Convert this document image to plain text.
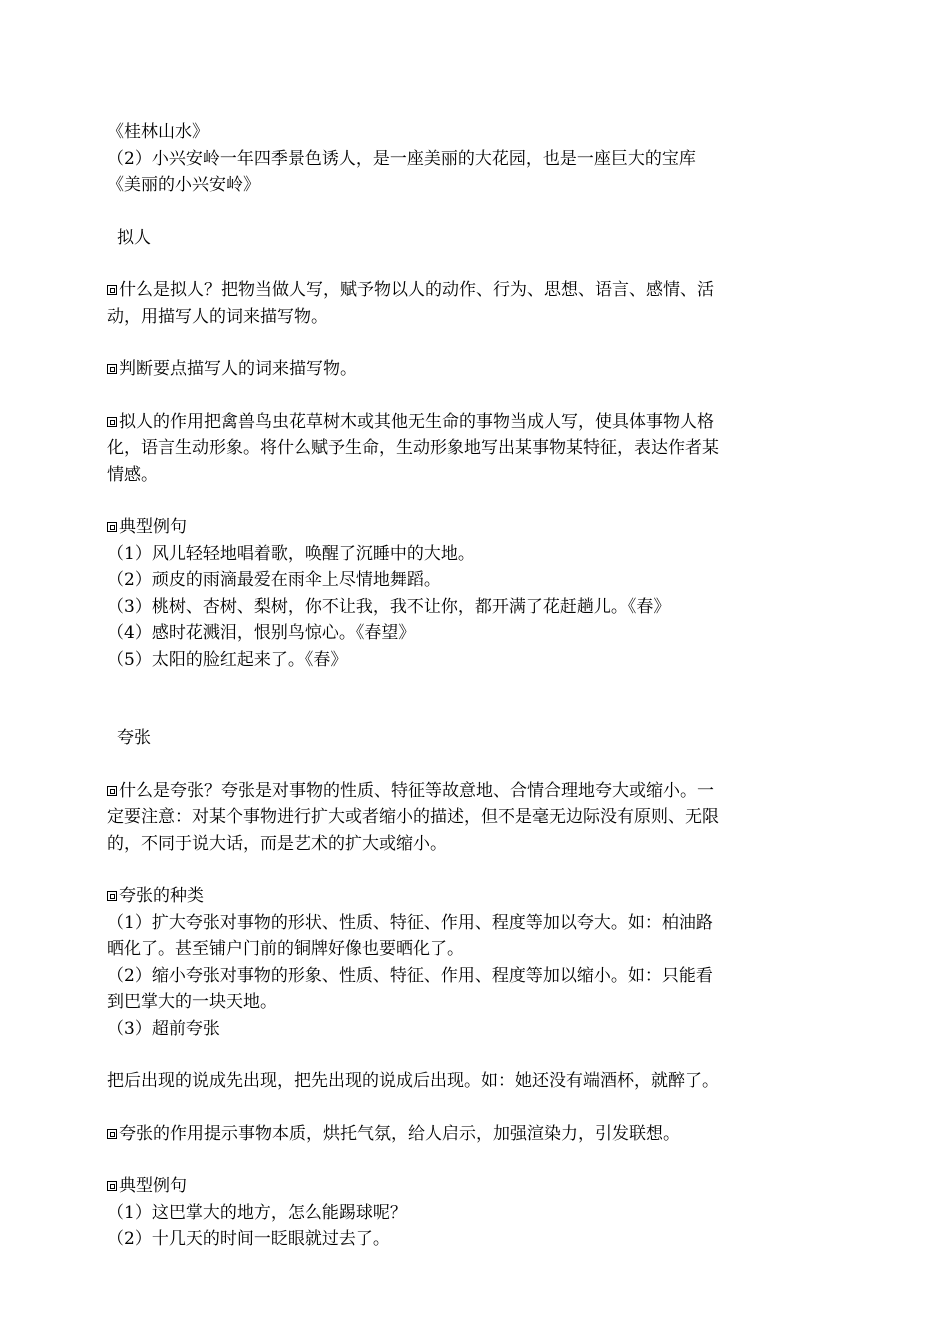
《桂林山水》

（2）小兴安岭一年四季景色诱人，是一座美丽的大花园，也是一座巨大的宝库

《美丽的小兴安岭》

拟人

什么是拟人？把物当做人写，赋予物以人的动作、行为、思想、语言、感情、活

动，用描写人的词来描写物。

判断要点描写人的词来描写物。

拟人的作用把禽兽鸟虫花草树木或其他无生命的事物当成人写，使具体事物人格

化，语言生动形象。将什么赋予生命，生动形象地写出某事物某特征，表达作者某

情感。

典型例句

（1）风儿轻轻地唱着歌，唤醒了沉睡中的大地。

（2）顽皮的雨滴最爱在雨伞上尽情地舞蹈。

（3）桃树、杏树、梨树，你不让我，我不让你，都开满了花赶趟儿。《春》

（4）感时花溅泪，恨别鸟惊心。《春望》

（5）太阳的脸红起来了。《春》

夸张

什么是夸张？夸张是对事物的性质、特征等故意地、合情合理地夸大或缩小。一

定要注意：对某个事物进行扩大或者缩小的描述，但不是毫无边际没有原则、无限

的，不同于说大话，而是艺术的扩大或缩小。

夸张的种类

（1）扩大夸张对事物的形状、性质、特征、作用、程度等加以夸大。如：柏油路

晒化了。甚至铺户门前的铜牌好像也要晒化了。

（2）缩小夸张对事物的形象、性质、特征、作用、程度等加以缩小。如：只能看

到巴掌大的一块天地。

（3）超前夸张

把后出现的说成先出现，把先出现的说成后出现。如：她还没有端酒杯，就醉了。

夸张的作用提示事物本质，烘托气氛，给人启示，加强渲染力，引发联想。

典型例句

（1）这巴掌大的地方，怎么能踢球呢？

（2）十几天的时间一眨眼就过去了。
